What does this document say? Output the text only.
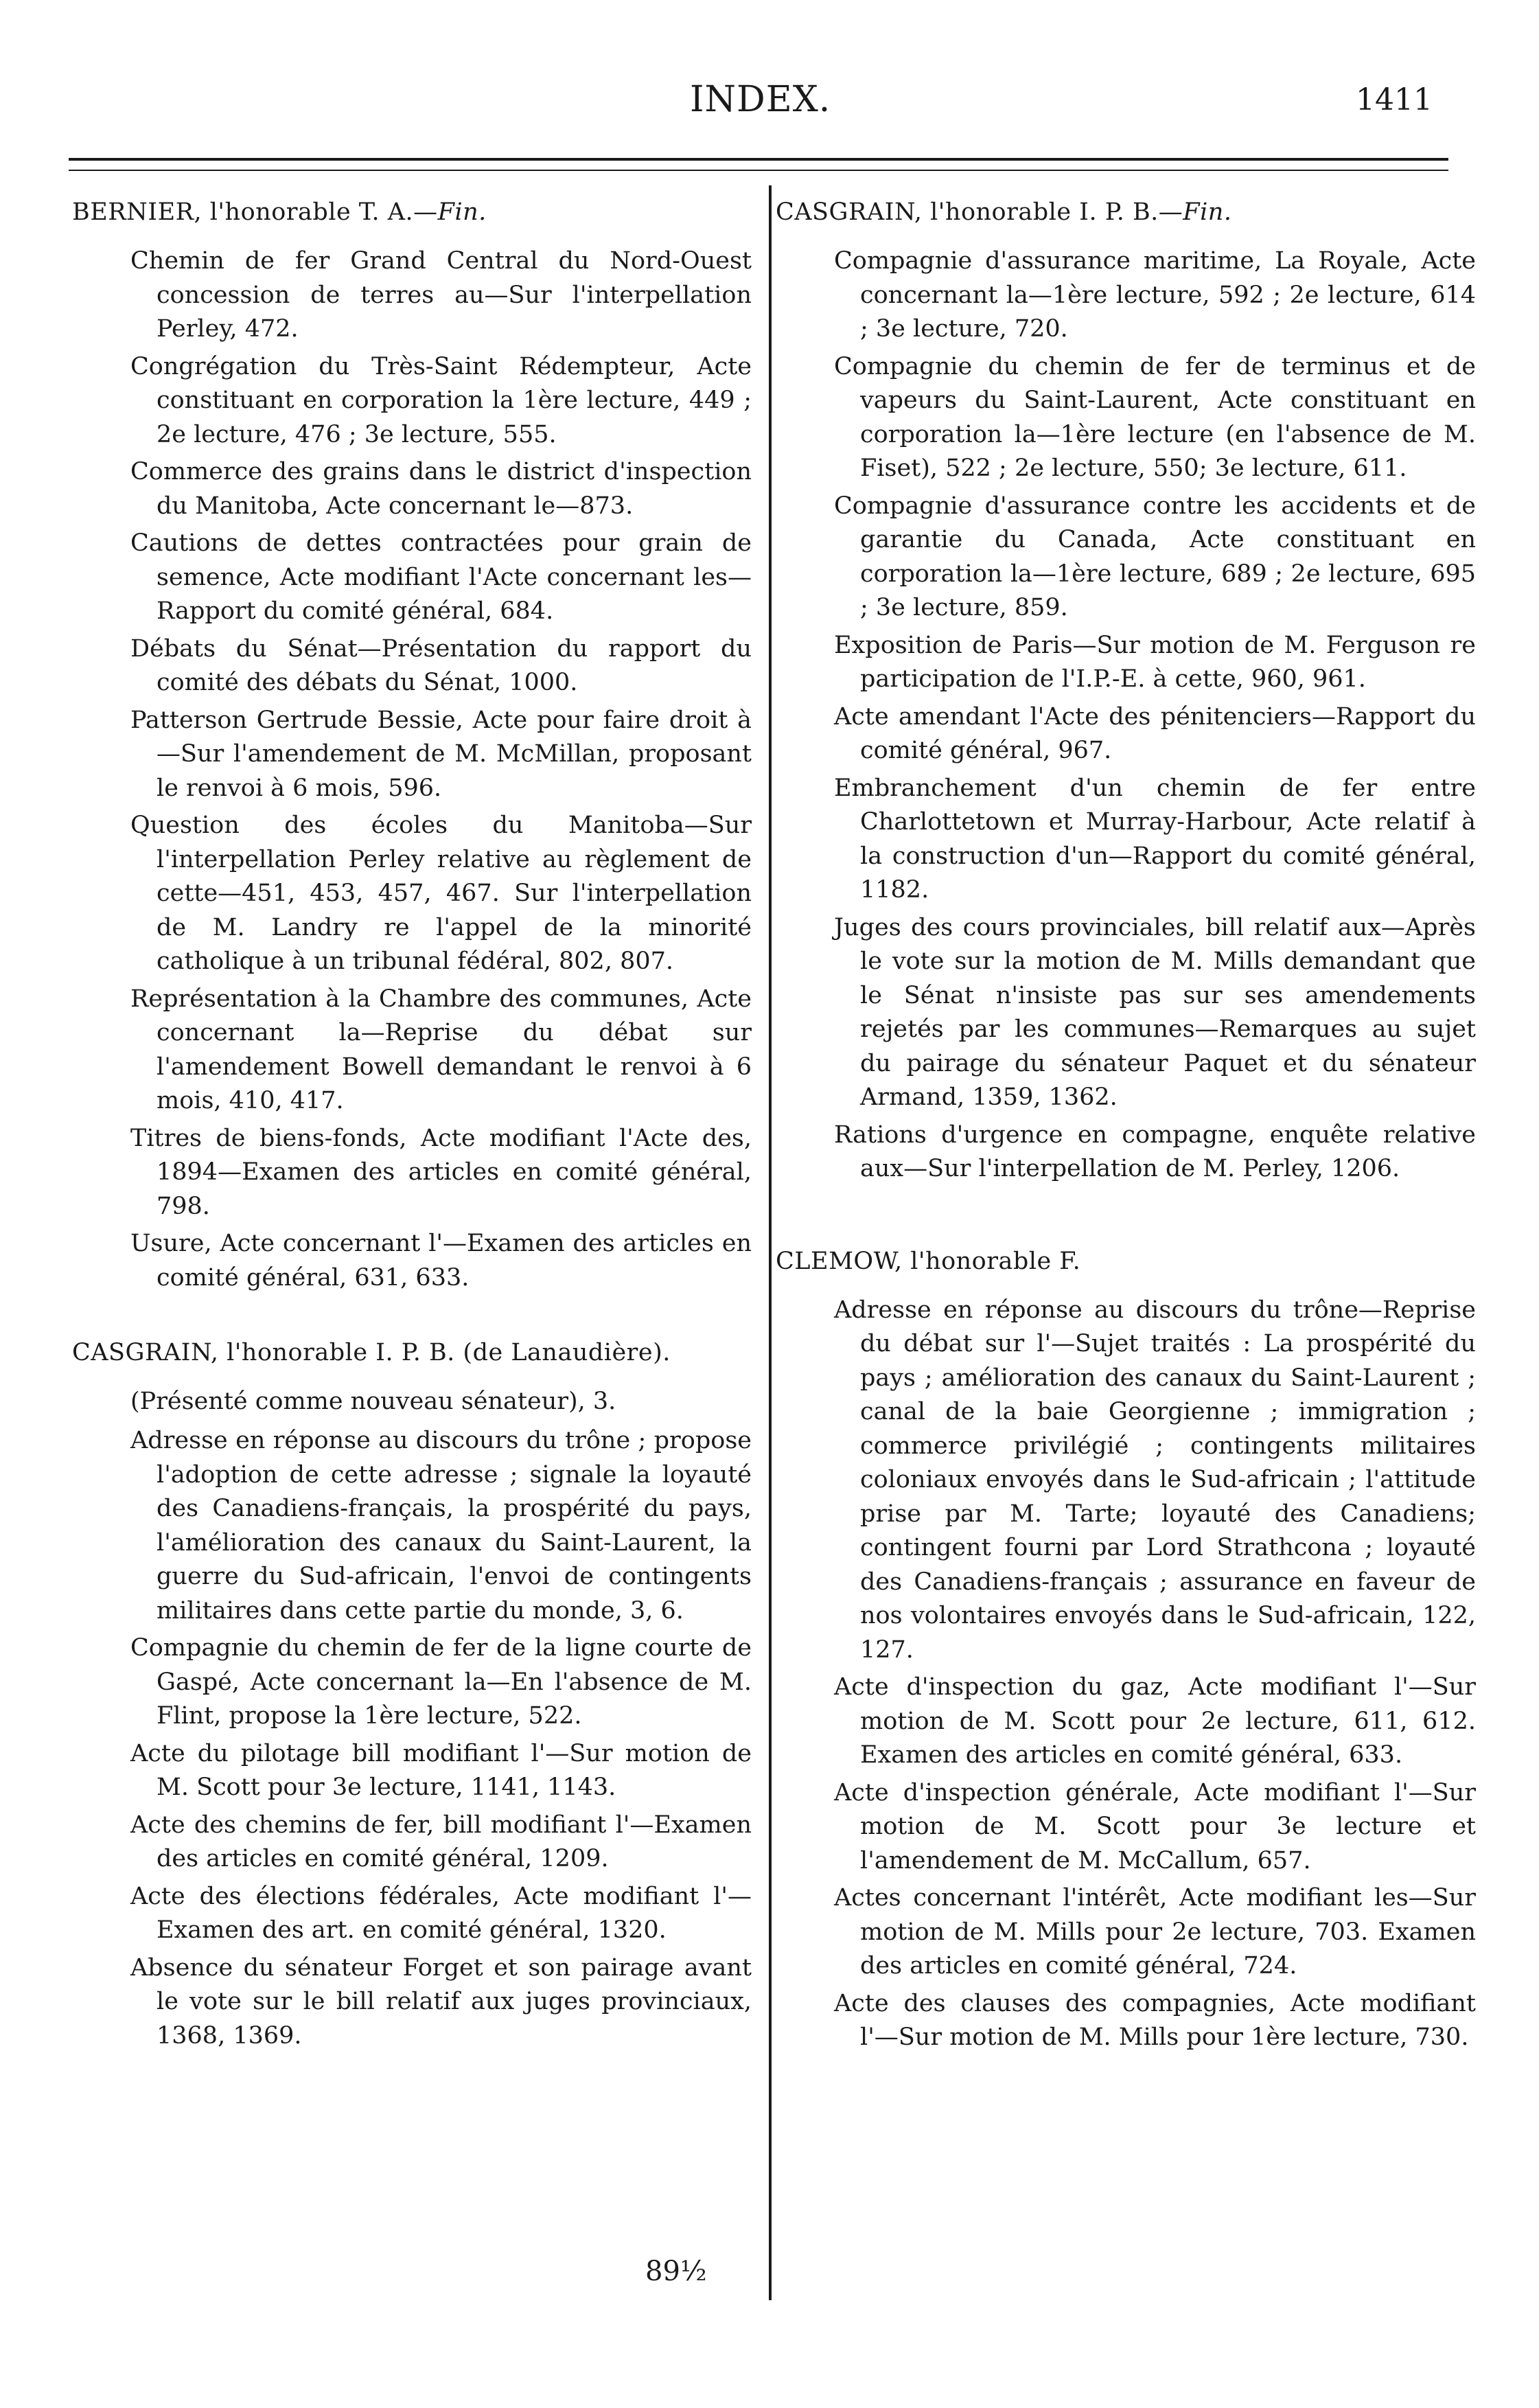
INDEX.	1411
BERNIER, l'honorable T. A.—Fin.
Chemin de fer Grand Central du Nord-Ouest concession de terres au—Sur l'interpellation Perley, 472.
Congrégation du Très-Saint Rédempteur, Acte constituant en corporation la 1ère lecture, 449 ; 2e lecture, 476 ; 3e lecture, 555.
Commerce des grains dans le district d'inspection du Manitoba, Acte concernant le—873.
Cautions de dettes contractées pour grain de semence, Acte modifiant l'Acte concernant les—Rapport du comité général, 684.
Débats du Sénat—Présentation du rapport du comité des débats du Sénat, 1000.
Patterson Gertrude Bessie, Acte pour faire droit à—Sur l'amendement de M. McMillan, proposant le renvoi à 6 mois, 596.
Question des écoles du Manitoba—Sur l'interpellation Perley relative au règlement de cette—451, 453, 457, 467. Sur l'interpellation de M. Landry re l'appel de la minorité catholique à un tribunal fédéral, 802, 807.
Représentation à la Chambre des communes, Acte concernant la—Reprise du débat sur l'amendement Bowell demandant le renvoi à 6 mois, 410, 417.
Titres de biens-fonds, Acte modifiant l'Acte des, 1894—Examen des articles en comité général, 798.
Usure, Acte concernant l'—Examen des articles en comité général, 631, 633.
CASGRAIN, l'honorable I. P. B. (de Lanaudière).
(Présenté comme nouveau sénateur), 3.
Adresse en réponse au discours du trône ; propose l'adoption de cette adresse ; signale la loyauté des Canadiens-français, la prospérité du pays, l'amélioration des canaux du Saint-Laurent, la guerre du Sud-africain, l'envoi de contingents militaires dans cette partie du monde, 3, 6.
Compagnie du chemin de fer de la ligne courte de Gaspé, Acte concernant la—En l'absence de M. Flint, propose la 1ère lecture, 522.
Acte du pilotage bill modifiant l'—Sur motion de M. Scott pour 3e lecture, 1141, 1143.
Acte des chemins de fer, bill modifiant l'—Examen des articles en comité général, 1209.
Acte des élections fédérales, Acte modifiant l'—Examen des art. en comité général, 1320.
Absence du sénateur Forget et son pairage avant le vote sur le bill relatif aux juges provinciaux, 1368, 1369.
CASGRAIN, l'honorable I. P. B.—Fin.
Compagnie d'assurance maritime, La Royale, Acte concernant la—1ère lecture, 592 ; 2e lecture, 614 ; 3e lecture, 720.
Compagnie du chemin de fer de terminus et de vapeurs du Saint-Laurent, Acte constituant en corporation la—1ère lecture (en l'absence de M. Fiset), 522 ; 2e lecture, 550; 3e lecture, 611.
Compagnie d'assurance contre les accidents et de garantie du Canada, Acte constituant en corporation la—1ère lecture, 689 ; 2e lecture, 695 ; 3e lecture, 859.
Exposition de Paris—Sur motion de M. Ferguson re participation de l'I.P.-E. à cette, 960, 961.
Acte amendant l'Acte des pénitenciers—Rapport du comité général, 967.
Embranchement d'un chemin de fer entre Charlottetown et Murray-Harbour, Acte relatif à la construction d'un—Rapport du comité général, 1182.
Juges des cours provinciales, bill relatif aux—Après le vote sur la motion de M. Mills demandant que le Sénat n'insiste pas sur ses amendements rejetés par les communes—Remarques au sujet du pairage du sénateur Paquet et du sénateur Armand, 1359, 1362.
Rations d'urgence en compagne, enquête relative aux—Sur l'interpellation de M. Perley, 1206.
CLEMOW, l'honorable F.
Adresse en réponse au discours du trône—Reprise du débat sur l'—Sujet traités : La prospérité du pays ; amélioration des canaux du Saint-Laurent ; canal de la baie Georgienne ; immigration ; commerce privilégié ; contingents militaires coloniaux envoyés dans le Sud-africain ; l'attitude prise par M. Tarte; loyauté des Canadiens; contingent fourni par Lord Strathcona ; loyauté des Canadiens-français ; assurance en faveur de nos volontaires envoyés dans le Sud-africain, 122, 127.
Acte d'inspection du gaz, Acte modifiant l'—Sur motion de M. Scott pour 2e lecture, 611, 612. Examen des articles en comité général, 633.
Acte d'inspection générale, Acte modifiant l'—Sur motion de M. Scott pour 3e lecture et l'amendement de M. McCallum, 657.
Actes concernant l'intérêt, Acte modifiant les—Sur motion de M. Mills pour 2e lecture, 703. Examen des articles en comité général, 724.
Acte des clauses des compagnies, Acte modifiant l'—Sur motion de M. Mills pour 1ère lecture, 730.
89½
